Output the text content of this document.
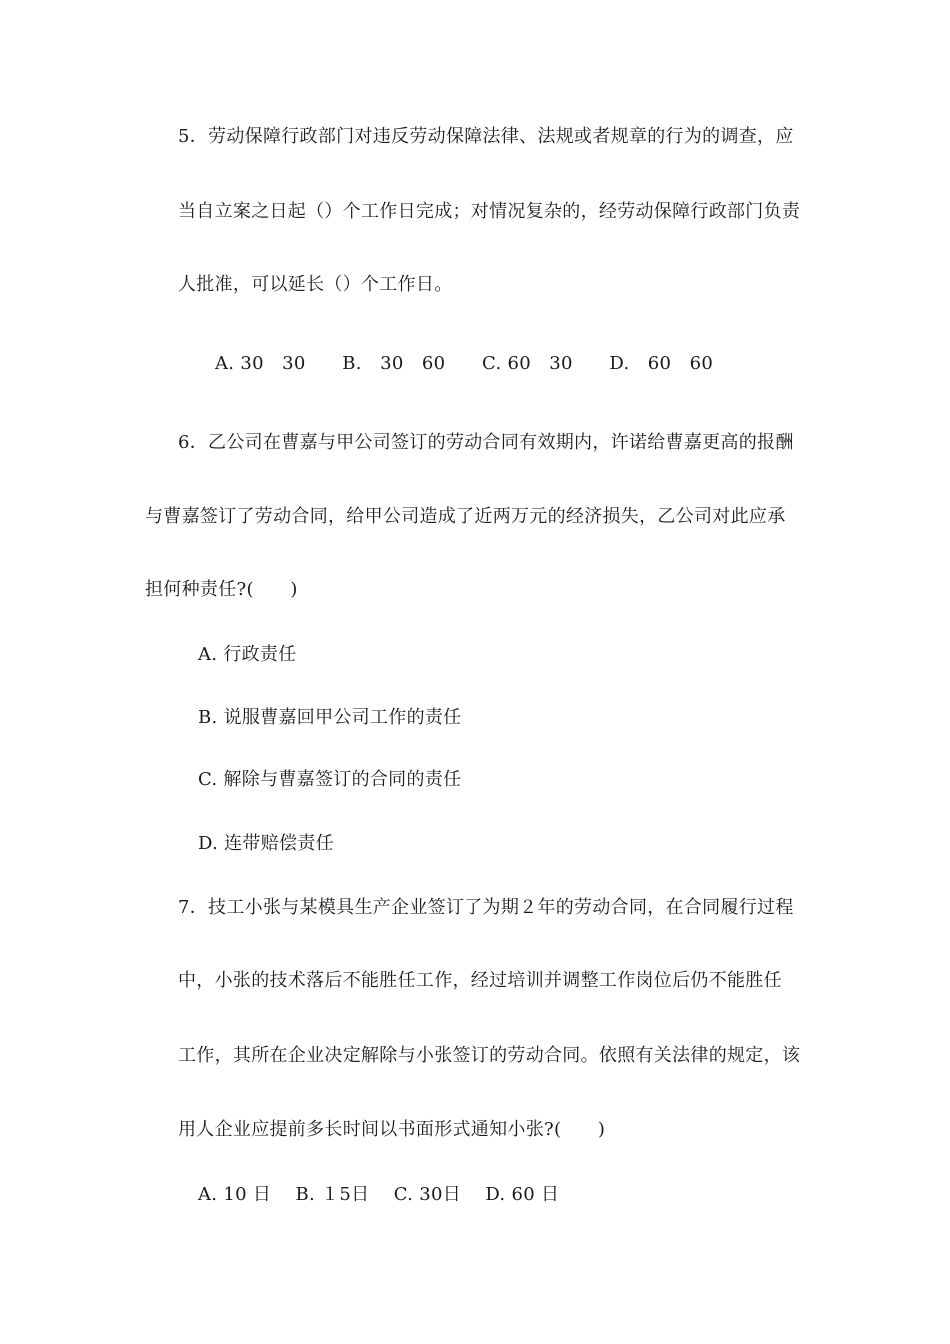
5．劳动保障行政部门对违反劳动保障法律、法规或者规章的行为的调查，应
当自立案之日起（）个工作日完成；对情况复杂的，经劳动保障行政部门负责
人批准，可以延长（）个工作日。
A. 30　30　　B.　30　60　　C. 60　30　　D.　60　60
6．乙公司在曹嘉与甲公司签订的劳动合同有效期内，许诺给曹嘉更高的报酬
与曹嘉签订了劳动合同，给甲公司造成了近两万元的经济损失，乙公司对此应承
担何种责任?(　　)
A. 行政责任
B. 说服曹嘉回甲公司工作的责任
C. 解除与曹嘉签订的合同的责任
D. 连带赔偿责任
7．技工小张与某模具生产企业签订了为期２年的劳动合同，在合同履行过程
中，小张的技术落后不能胜任工作，经过培训并调整工作岗位后仍不能胜任
工作，其所在企业决定解除与小张签订的劳动合同。依照有关法律的规定，该
用人企业应提前多长时间以书面形式通知小张?(　　)
A. 10 日　 B. １5日　 C. 30日　 D. 60 日
